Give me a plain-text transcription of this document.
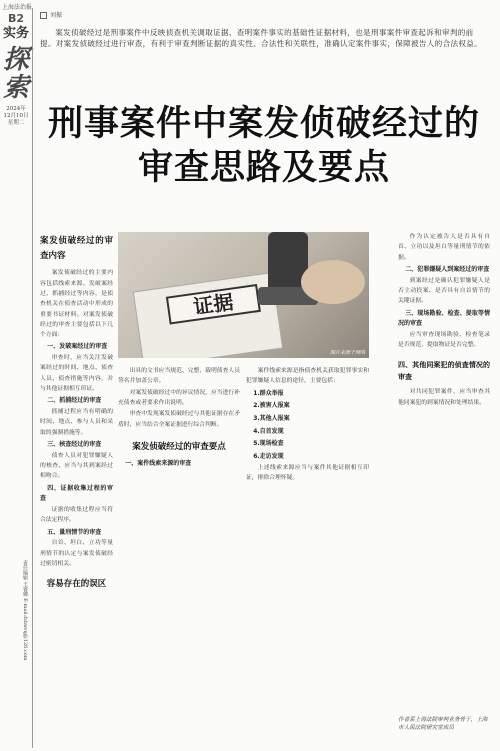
上海法治报
B2
实务
探索
2024年
12月10日
星期二
责任编辑 王睿卿 E-mail:fzbwrq@126.com
刘振
案发侦破经过是刑事案件中反映侦查机关调取证据、查明案件事实的基础性证据材料，也是刑事案件审查起诉和审判的前提。对案发侦破经过进行审查，有利于审查判断证据的真实性、合法性和关联性，准确认定案件事实，保障被告人的合法权益。
刑事案件中案发侦破经过的
审查思路及要点
证据
图片来源于网络
案发侦破经过的审查内容

案发侦破经过的主要内容包括线索来源、发破案经过、抓捕经过等内容，是侦查机关在侦查活动中形成的重要书证材料。对案发侦破经过的审查主要包括以下几个方面：

一、发破案经过的审查

审查时，应当关注发破案经过的时间、地点、侦查人员、侦查措施等内容，并与其他证据相互印证。

二、抓捕经过的审查

抓捕过程应当有明确的时间、地点、参与人员和采取的强制措施等。

三、核查经过的审查

侦查人员对犯罪嫌疑人的核查，应当与其到案经过相吻合。

四、证据收集过程的审查

证据的收集过程应当符合法定程序。

五、量刑情节的审查

自首、坦白、立功等量刑情节的认定与案发侦破经过密切相关。

容易存在的误区

出具的文书应当规范、完整，载明侦查人员签名并加盖公章。

对案发侦破经过中的异议情况，应当进行补充侦查或者要求作出说明。

审查中发现案发侦破经过与其他证据存在矛盾时，应当结合全案证据进行综合判断。

案发侦破经过的审查要点
一、案件线索来源的审查

案件线索来源是指侦查机关获取犯罪事实和犯罪嫌疑人信息的途径，主要包括：

1.群众举报
2.被害人报案
3.其他人报案
4.自首发现
5.现场检查
6.走访发现

上述线索来源应当与案件其他证据相互印证，排除合理怀疑。

作为认定被告人是否具有自首、立功以及坦白等量刑情节的依据。

二、犯罪嫌疑人到案经过的审查

到案经过是确认犯罪嫌疑人是否主动投案、是否具有自首情节的关键证据。

三、现场勘验、检查、提取等情况的审查

应当审查现场勘验、检查笔录是否规范，提取物证是否完整。

四、其他同案犯的侦查情况的审查

对共同犯罪案件，应当审查其他同案犯的到案情况和处理结果。

作者系上海法院审判业务骨干，上海市人民法院研究室成员
